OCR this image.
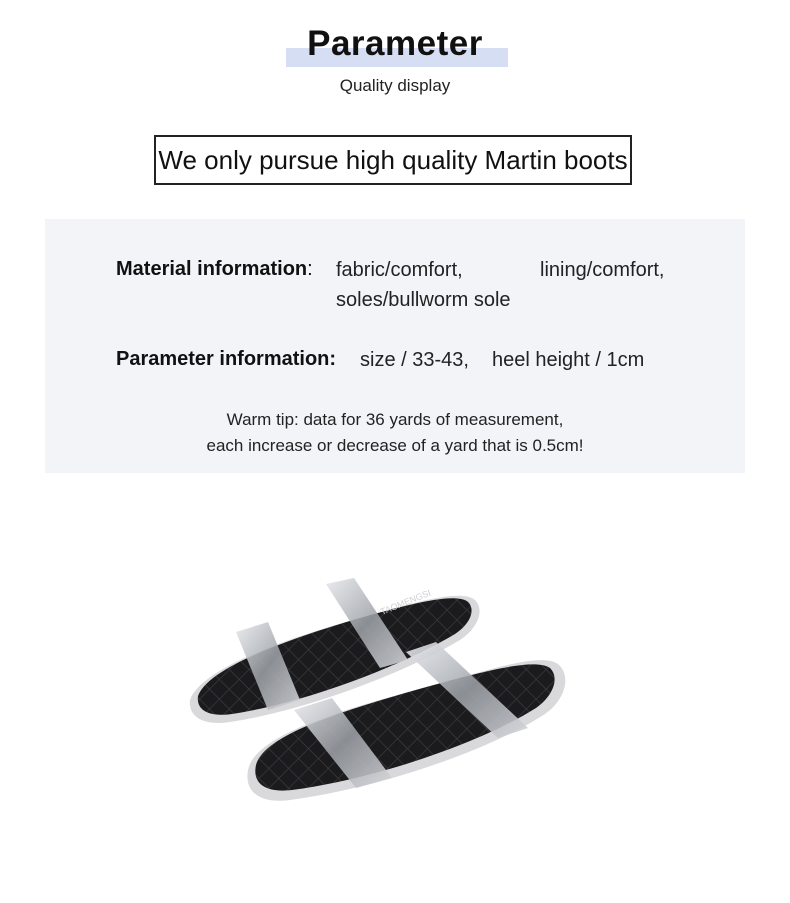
Parameter
Quality display
We only pursue high quality Martin boots
Material information: fabric/comfort,	lining/comfort,
soles/bullworm sole
Parameter information: size / 33-43, heel height / 1cm
Warm tip: data for 36 yards of measurement,
each increase or decrease of a yard that is 0.5cm!
TAOMENGSI
